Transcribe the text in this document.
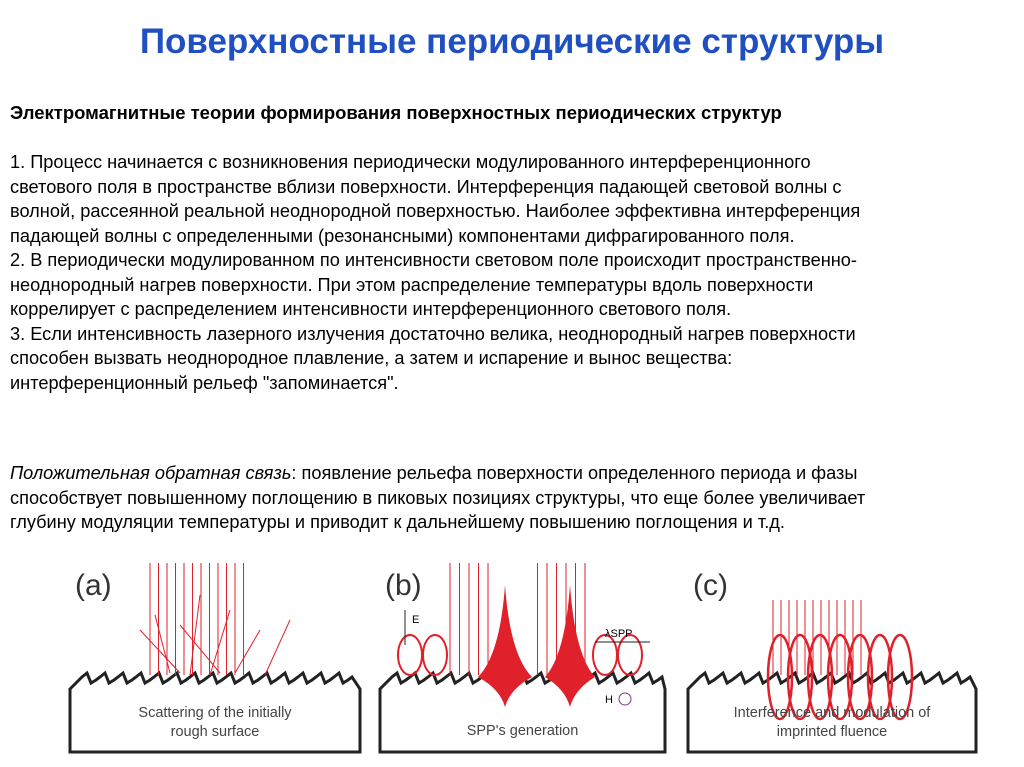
Поверхностные периодические структуры
Электромагнитные теории формирования поверхностных периодических структур
1. Процесс начинается с возникновения периодически модулированного интерференционного
светового поля в пространстве вблизи поверхности. Интерференция падающей световой волны с
волной, рассеянной реальной неоднородной поверхностью. Наиболее эффективна интерференция
падающей волны с определенными (резонансными) компонентами дифрагированного поля.
2. В периодически модулированном по интенсивности световом поле происходит пространственно-
неоднородный нагрев поверхности. При этом распределение температуры вдоль поверхности
коррелирует с распределением интенсивности интерференционного светового поля.
3. Если интенсивность лазерного излучения достаточно велика, неоднородный нагрев поверхности
способен вызвать неоднородное плавление, а затем и испарение и вынос вещества:
интерференционный рельеф "запоминается".
Положительная обратная связь: появление рельефа поверхности определенного периода и фазы
способствует повышенному поглощению в пиковых позициях структуры, что еще более увеличивает
глубину модуляции температуры и приводит к дальнейшему повышению поглощения и т.д.
E
H
λSPP
(a)
Scattering of the initially
rough surface
(b)
SPP's generation
(c)
Interference and modulation of
imprinted fluence
